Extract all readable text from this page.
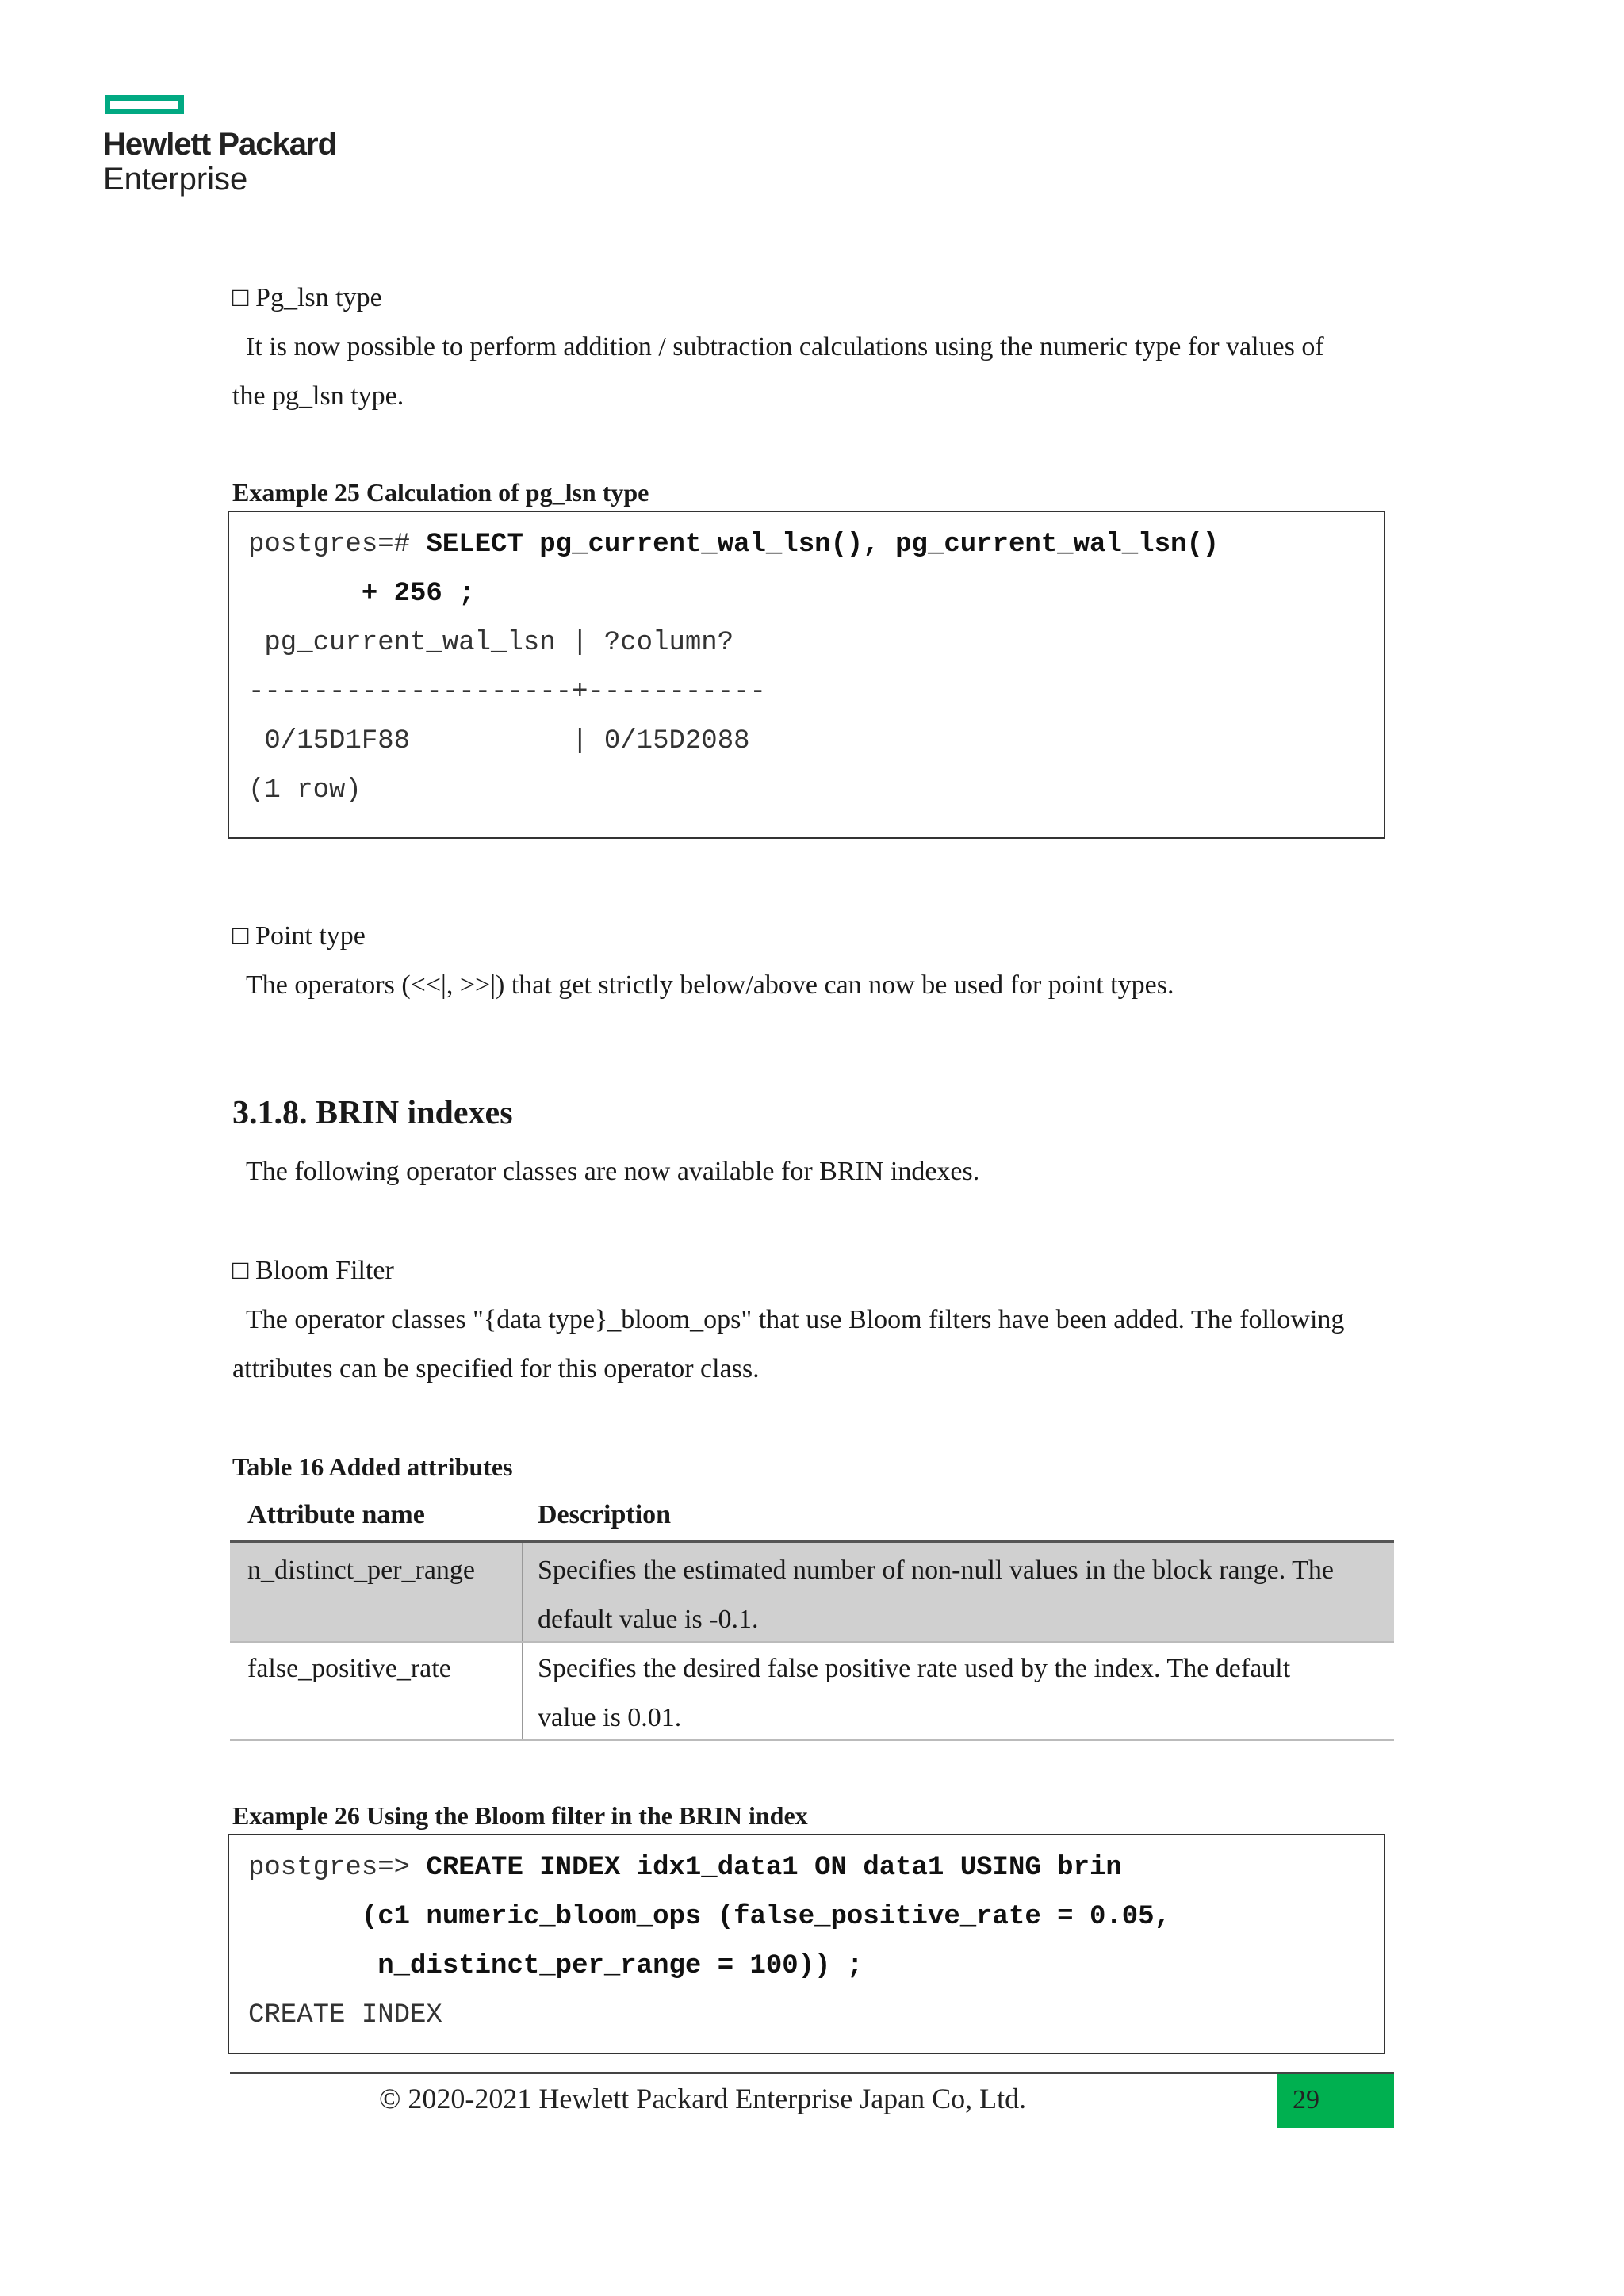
Hewlett Packard
Enterprise
□ Pg_lsn type
It is now possible to perform addition / subtraction calculations using the numeric type for values of
the pg_lsn type.
Example 25 Calculation of pg_lsn type
postgres=# SELECT pg_current_wal_lsn(), pg_current_wal_lsn()
+ 256 ;
pg_current_wal_lsn | ?column?
--------------------+-----------
0/15D1F88          | 0/15D2088
(1 row)
□ Point type
The operators (<<|, >>|) that get strictly below/above can now be used for point types.
3.1.8. BRIN indexes
The following operator classes are now available for BRIN indexes.
□ Bloom Filter
The operator classes "{data type}_bloom_ops" that use Bloom filters have been added. The following
attributes can be specified for this operator class.
Table 16 Added attributes
Attribute name	Description
n_distinct_per_range Specifies the estimated number of non-null values in the block range. The
default value is -0.1.
false_positive_rate	Specifies the desired false positive rate used by the index. The default
value is 0.01.
Example 26 Using the Bloom filter in the BRIN index
postgres=> CREATE INDEX idx1_data1 ON data1 USING brin
(c1 numeric_bloom_ops (false_positive_rate = 0.05,
n_distinct_per_range = 100)) ;
CREATE INDEX
© 2020-2021 Hewlett Packard Enterprise Japan Co, Ltd.	29
